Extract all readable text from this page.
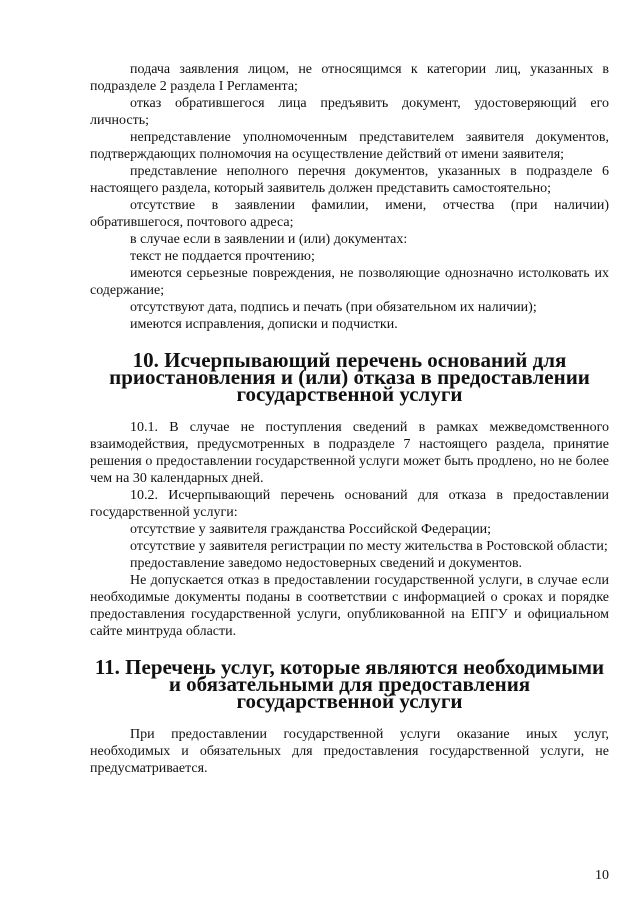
подача заявления лицом, не относящимся к категории лиц, указанных в подразделе 2 раздела I Регламента;

отказ обратившегося лица предъявить документ, удостоверяющий его личность;

непредставление уполномоченным представителем заявителя документов, подтверждающих полномочия на осуществление действий от имени заявителя;

представление неполного перечня документов, указанных в подразделе 6 настоящего раздела, который заявитель должен представить самостоятельно;

отсутствие в заявлении фамилии, имени, отчества (при наличии) обратившегося, почтового адреса;

в случае если в заявлении и (или) документах:

текст не поддается прочтению;

имеются серьезные повреждения, не позволяющие однозначно истолковать их содержание;

отсутствуют дата, подпись и печать (при обязательном их наличии);

имеются исправления, дописки и подчистки.

10. Исчерпывающий перечень оснований для
приостановления и (или) отказа в предоставлении
государственной услуги

10.1. В случае не поступления сведений в рамках межведомственного взаимодействия, предусмотренных в подразделе 7 настоящего раздела, принятие решения о предоставлении государственной услуги может быть продлено, но не более чем на 30 календарных дней.

10.2. Исчерпывающий перечень оснований для отказа в предоставлении государственной услуги:

отсутствие у заявителя гражданства Российской Федерации;

отсутствие у заявителя регистрации по месту жительства в Ростовской области;

предоставление заведомо недостоверных сведений и документов.

Не допускается отказ в предоставлении государственной услуги, в случае если необходимые документы поданы в соответствии с информацией о сроках и порядке предоставления государственной услуги, опубликованной на ЕПГУ и официальном сайте минтруда области.

11. Перечень услуг, которые являются необходимыми
и обязательными для предоставления
государственной услуги

При предоставлении государственной услуги оказание иных услуг, необходимых и обязательных для предоставления государственной услуги, не предусматривается.

10
